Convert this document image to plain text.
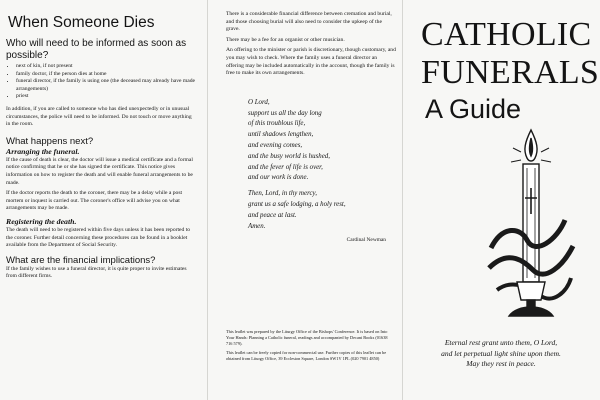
When Someone Dies
Who will need to be informed as soon as possible?
• next of kin, if not present
• family doctor, if the person dies at home
• funeral director, if the family is using one (the deceased may already have made arrangements)
• priest

In addition, if you are called to someone who has died unexpectedly or in unusual circumstances, the police will need to be informed. Do not touch or move anything in the room.

What happens next?
Arranging the funeral.

If the cause of death is clear, the doctor will issue a medical certificate and a formal notice confirming that he or she has signed the certificate. This notice gives information on how to register the death and will enable funeral arrangements to be made.

If the doctor reports the death to the coroner, there may be a delay while a post mortem or inquest is carried out. The coroner's office will advise you on what arrangements may be made.

Registering the death.

The death will need to be registered within five days unless it has been reported to the coroner. Further detail concerning these procedures can be found in a booklet available from the Department of Social Security.

What are the financial implications?

If the family wishes to use a funeral director, it is quite proper to invite estimates from different firms.

There is a considerable financial difference between cremation and burial, and those choosing burial will also need to consider the upkeep of the grave.

There may be a fee for an organist or other musician.

An offering to the minister or parish is discretionary, though customary, and you may wish to check. Where the family uses a funeral director an offering may be included automatically in the account, though the family is free to make its own arrangements.

O Lord,
support us all the day long
of this troublous life,
until shadows lengthen,
and evening comes,
and the busy world is hushed,
and the fever of life is over,
and our work is done.
Then, Lord, in thy mercy,
grant us a safe lodging, a holy rest,
and peace at last.
Amen.
Cardinal Newman

This leaflet was prepared by the Liturgy Office of the Bishops' Conference. It is based on Into Your Hands: Planning a Catholic funeral, readings and accompanied by Decani Books (01638 716 579).

This leaflet can be freely copied for non-commercial use. Further copies of this leaflet can be obtained from Liturgy Office, 39 Eccleston Square, London SW1V 1PL (020 7901 4850)

CATHOLIC
FUNERALS
A Guide
Eternal rest grant unto them, O Lord,
and let perpetual light shine upon them.
May they rest in peace.
